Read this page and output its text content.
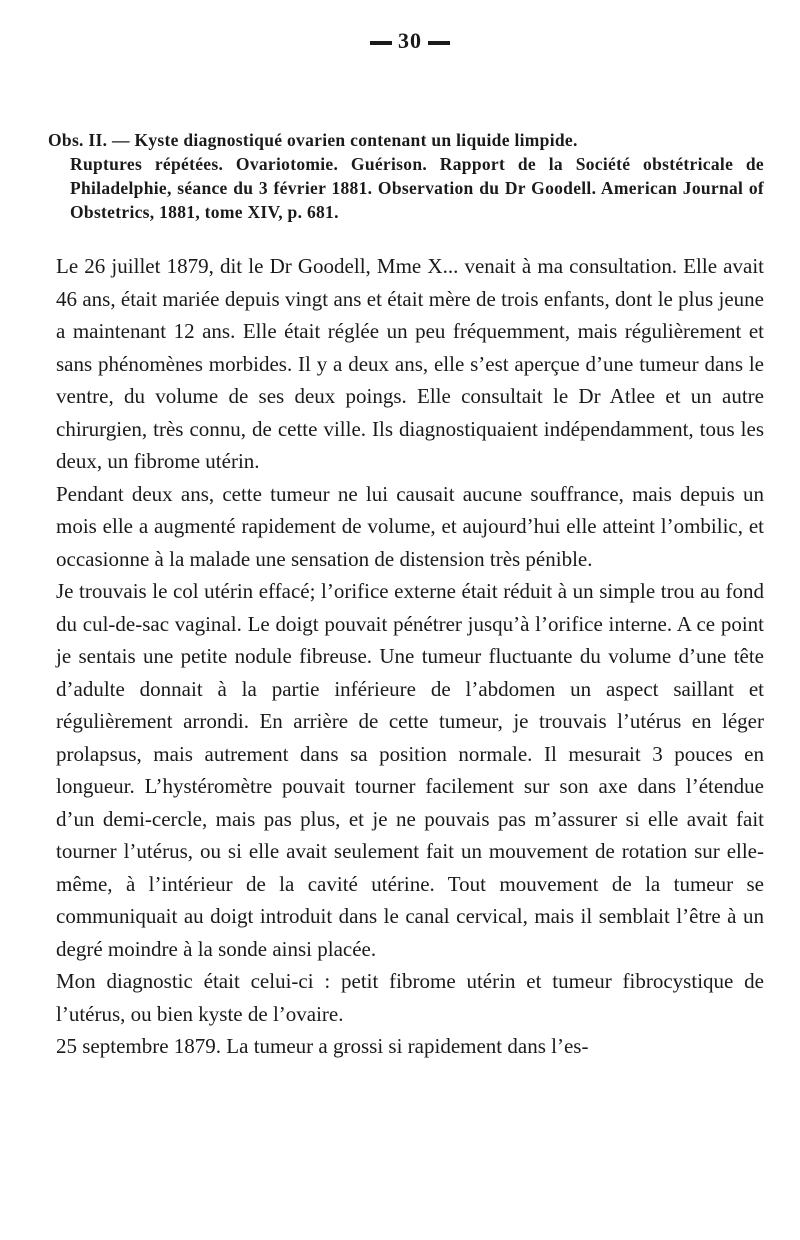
30
Obs. II. — Kyste diagnostiqué ovarien contenant un liquide limpide.
Ruptures répétées. Ovariotomie. Guérison. Rapport de la Société obstétricale de Philadelphie, séance du 3 février 1881. Observation du Dr Goodell. American Journal of Obstetrics, 1881, tome XIV, p. 681.

Le 26 juillet 1879, dit le Dr Goodell, Mme X... venait à ma consultation. Elle avait 46 ans, était mariée depuis vingt ans et était mère de trois enfants, dont le plus jeune a maintenant 12 ans. Elle était réglée un peu fréquemment, mais régulièrement et sans phénomènes morbides. Il y a deux ans, elle s’est aperçue d’une tumeur dans le ventre, du volume de ses deux poings. Elle consultait le Dr Atlee et un autre chirurgien, très connu, de cette ville. Ils diagnostiquaient indépendamment, tous les deux, un fibrome utérin.

Pendant deux ans, cette tumeur ne lui causait aucune souffrance, mais depuis un mois elle a augmenté rapidement de volume, et aujourd’hui elle atteint l’ombilic, et occasionne à la malade une sensation de distension très pénible.

Je trouvais le col utérin effacé; l’orifice externe était réduit à un simple trou au fond du cul-de-sac vaginal. Le doigt pouvait pénétrer jusqu’à l’orifice interne. A ce point je sentais une petite nodule fibreuse. Une tumeur fluctuante du volume d’une tête d’adulte donnait à la partie inférieure de l’abdomen un aspect saillant et régulièrement arrondi. En arrière de cette tumeur, je trouvais l’utérus en léger prolapsus, mais autrement dans sa position normale. Il mesurait 3 pouces en longueur. L’hystéromètre pouvait tourner facilement sur son axe dans l’étendue d’un demi-cercle, mais pas plus, et je ne pouvais pas m’assurer si elle avait fait tourner l’utérus, ou si elle avait seulement fait un mouvement de rotation sur elle-même, à l’intérieur de la cavité utérine. Tout mouvement de la tumeur se communiquait au doigt introduit dans le canal cervical, mais il semblait l’être à un degré moindre à la sonde ainsi placée.

Mon diagnostic était celui-ci : petit fibrome utérin et tumeur fibrocystique de l’utérus, ou bien kyste de l’ovaire.

25 septembre 1879. La tumeur a grossi si rapidement dans l’es-
